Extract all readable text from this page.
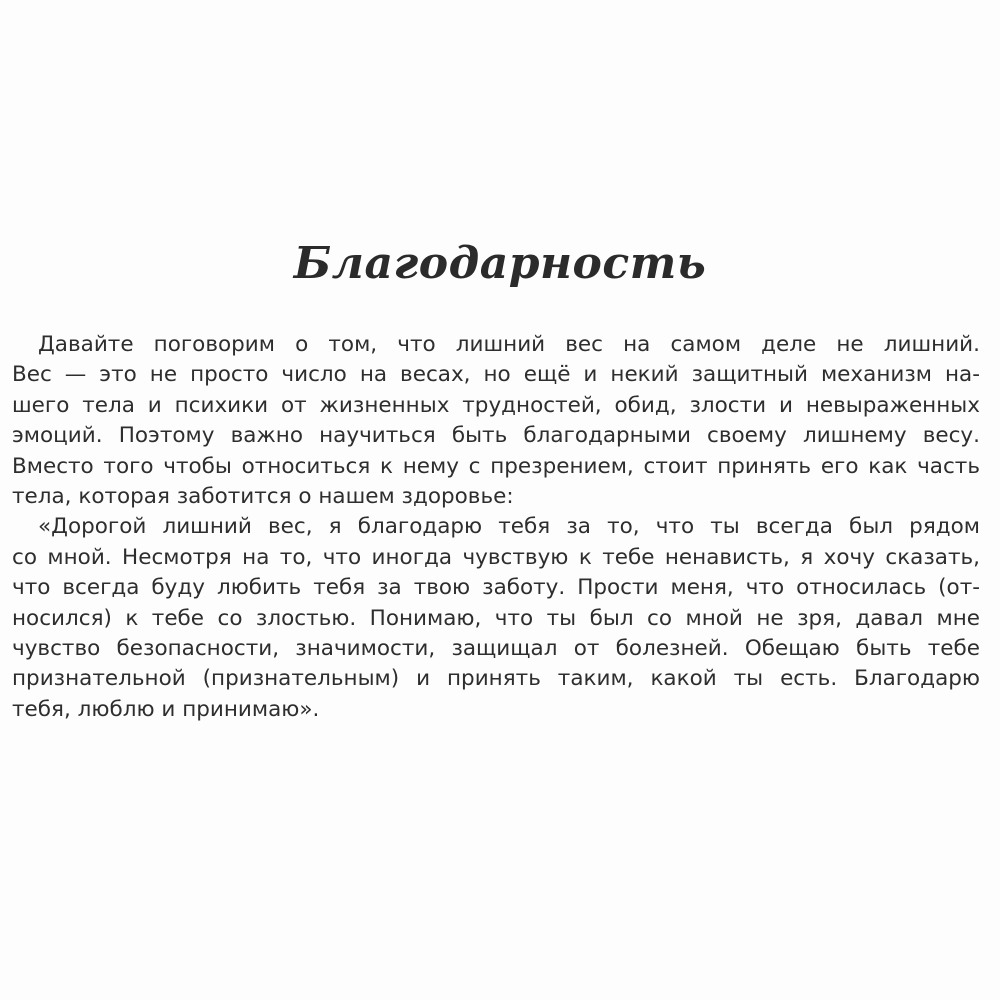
Благодарность
Давайте поговорим о том, что лишний вес на самом деле не лишний.
Вес — это не просто число на весах, но ещё и некий защитный механизм на-
шего тела и психики от жизненных трудностей, обид, злости и невыраженных
эмоций. Поэтому важно научиться быть благодарными своему лишнему весу.
Вместо того чтобы относиться к нему с презрением, стоит принять его как часть
тела, которая заботится о нашем здоровье:
«Дорогой лишний вес, я благодарю тебя за то, что ты всегда был рядом
со мной. Несмотря на то, что иногда чувствую к тебе ненависть, я хочу сказать,
что всегда буду любить тебя за твою заботу. Прости меня, что относилась (от-
носился) к тебе со злостью. Понимаю, что ты был со мной не зря, давал мне
чувство безопасности, значимости, защищал от болезней. Обещаю быть тебе
признательной (признательным) и принять таким, какой ты есть. Благодарю
тебя, люблю и принимаю».
